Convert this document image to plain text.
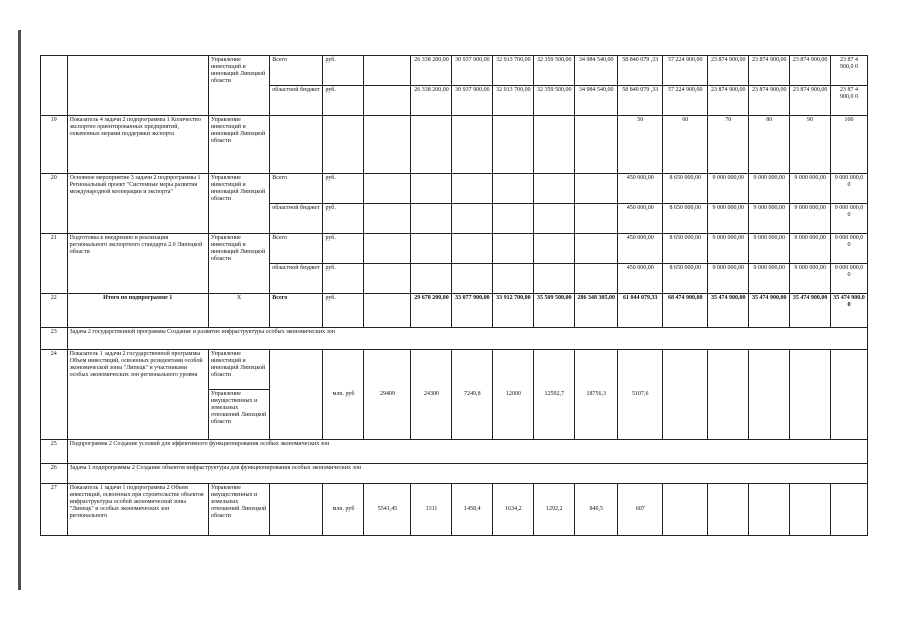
		Управление инвестиций и инноваций Липецкой области	Всего	руб.		26 338 200,00	30 937 900,00	32 913 700,00	32 359 500,00	34 984 540,00	58 840 079 ,33	57 224 900,00	23 874 900,00	23 874 900,00	23 874 900,00	23 87 4 900,0 0
			областной бюджет	руб.		26 338 200,00	30 937 900,00	32 913 700,00	32 359 500,00	34 984 540,00	58 840 079 ,33	57 224 900,00	23 874 900,00	23 874 900,00	23 874 900,00	23 87 4 900,0 0
19	Показатель 4 задачи 2 подпрограммы 1 Количество экспортно ориентированных предприятий, охваченных мерами поддержки экспорта	Управление инвестиций и инноваций Липецкой области									50	60	70	80	90	100
20	Основное мероприятие 3 задачи 2 подпрограммы 1 Региональный проект "Системные меры развития международной кооперации и экспорта"	Управление инвестиций и инноваций Липецкой области	Всего	руб.							450 000,00	8 650 000,00	9 000 000,00	9 000 000,00	9 000 000,00	9 000 000,0 0
			областной бюджет	руб.							450 000,00	8 650 000,00	9 000 000,00	9 000 000,00	9 000 000,00	9 000 000,0 0
21	Подготовка к внедрению и реализация регионального экспортного стандарта 2.0 Липецкой области	Управление инвестиций и инноваций Липецкой области	Всего	руб.							450 000,00	8 650 000,00	9 000 000,00	9 000 000,00	9 000 000,00	9 000 000,0 0
			областной бюджет	руб.							450 000,00	8 650 000,00	9 000 000,00	9 000 000,00	9 000 000,00	9 000 000,0 0
22	Итого по подпрограмме 1	X	Всего	руб.		29 678 200,00	33 077 900,00	33 912 700,00	35 509 500,00	286 348 305,00	61 044 079,33	68 474 900,00	35 474 900,00	35 474 900,00	35 474 900,00	35 474 900,0 0
23	Задача 2 государственной программы Создание и развитие инфраструктуры особых экономических зон															
24	Показатель 1 задачи 2 государственной программы Объем инвестиций, освоенных резидентами особой экономической зоны "Липецк" и участниками особых экономических зон регионального уровня	Управление инвестиций и инноваций Липецкой области		млн. руб	29409	24300	7249,8	12000	12592,7	18756,3	5107,6					
		Управление имущественных и земельных отношений Липецкой области														
25	Подпрограмма 2 Создание условий для эффективного функционирования особых экономических зон															
26	Задача 1 подпрограммы 2 Создание объектов инфраструктуры для функционирования особых экономических зон															
27	Показатель 1 задачи 1 подпрограммы 2 Объем инвестиций, освоенных при строительстве объектов инфраструктуры особой экономической зоны "Липецк" и особых экономических зон регионального	Управление имущественных и земельных отношений Липецкой области		млн. руб	5541,45	1311	1458,4	1634,2	1292,2	840,5	607					
